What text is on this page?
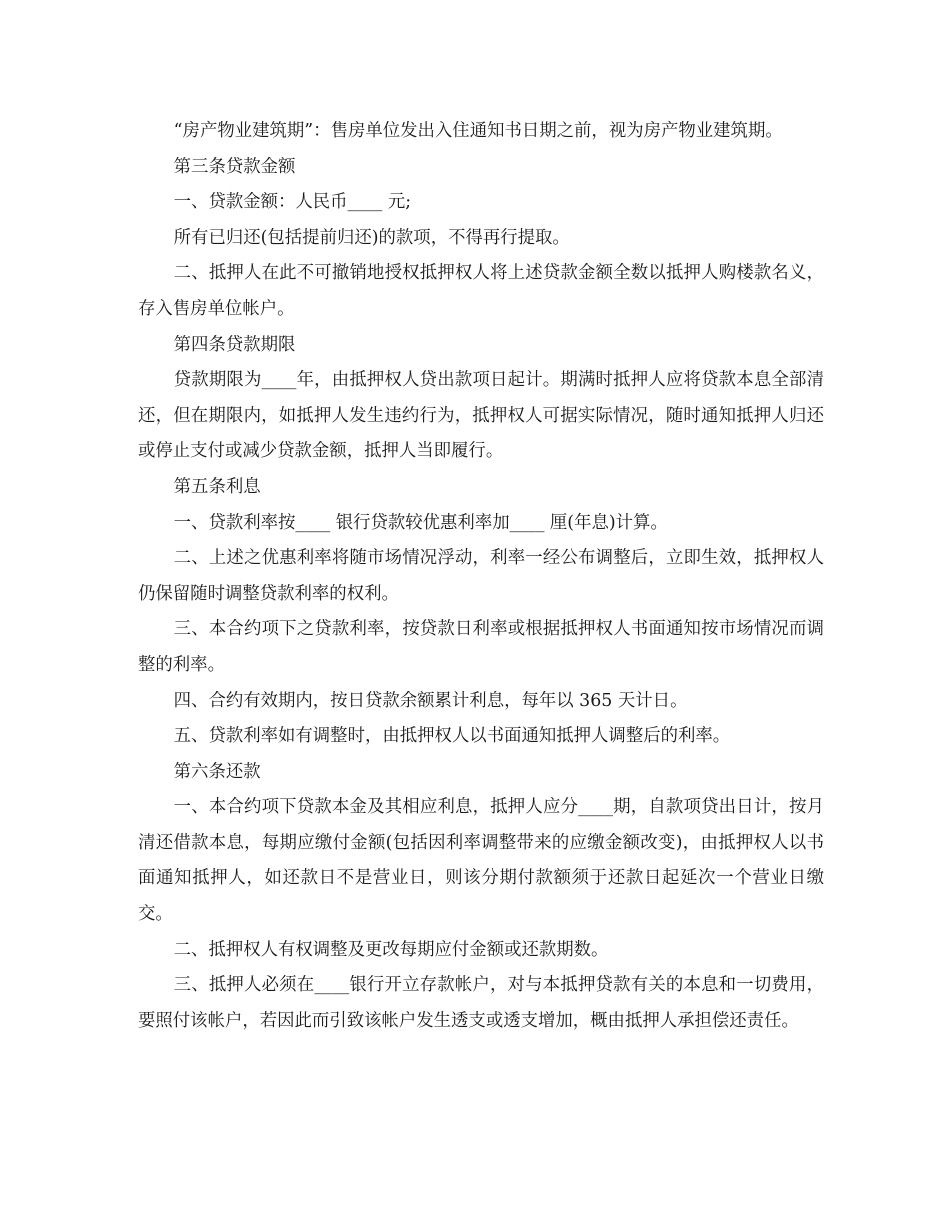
“房产物业建筑期”：售房单位发出入住通知书日期之前，视为房产物业建筑期。

第三条贷款金额

一、贷款金额：人民币____ 元;

所有已归还(包括提前归还)的款项，不得再行提取。

二、抵押人在此不可撤销地授权抵押权人将上述贷款金额全数以抵押人购楼款名义，存入售房单位帐户。

第四条贷款期限

贷款期限为____年，由抵押权人贷出款项日起计。期满时抵押人应将贷款本息全部清还，但在期限内，如抵押人发生违约行为，抵押权人可据实际情况，随时通知抵押人归还或停止支付或减少贷款金额，抵押人当即履行。

第五条利息

一、贷款利率按____ 银行贷款较优惠利率加____ 厘(年息)计算。

二、上述之优惠利率将随市场情况浮动，利率一经公布调整后，立即生效，抵押权人仍保留随时调整贷款利率的权利。

三、本合约项下之贷款利率，按贷款日利率或根据抵押权人书面通知按市场情况而调整的利率。

四、合约有效期内，按日贷款余额累计利息，每年以 365 天计日。

五、贷款利率如有调整时，由抵押权人以书面通知抵押人调整后的利率。

第六条还款

一、本合约项下贷款本金及其相应利息，抵押人应分____期，自款项贷出日计，按月清还借款本息，每期应缴付金额(包括因利率调整带来的应缴金额改变)，由抵押权人以书面通知抵押人，如还款日不是营业日，则该分期付款额须于还款日起延次一个营业日缴交。

二、抵押权人有权调整及更改每期应付金额或还款期数。

三、抵押人必须在____银行开立存款帐户，对与本抵押贷款有关的本息和一切费用，要照付该帐户，若因此而引致该帐户发生透支或透支增加，概由抵押人承担偿还责任。
